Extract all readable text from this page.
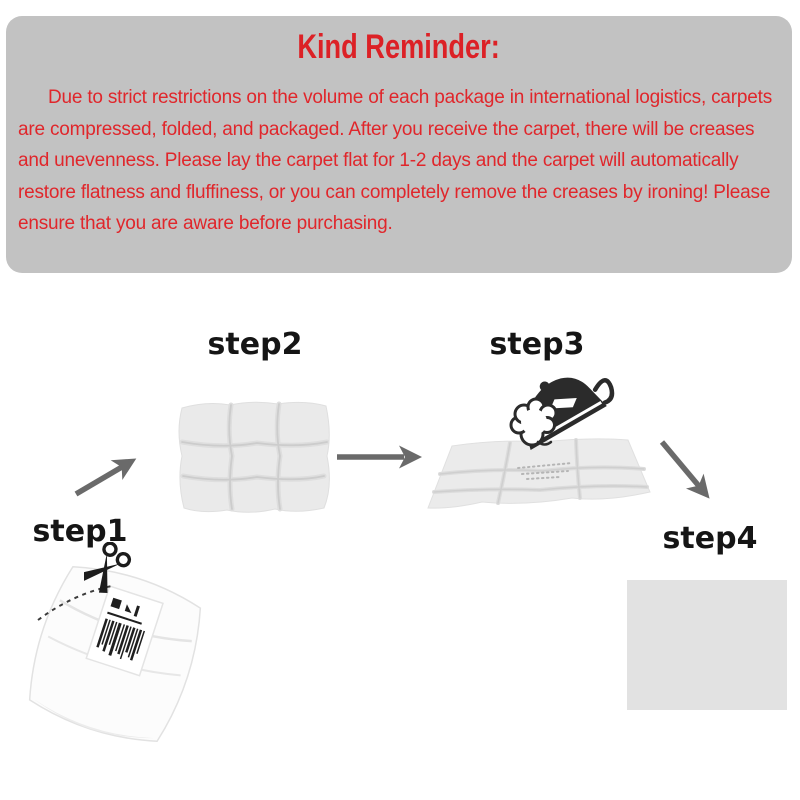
Kind Reminder:
Due to strict restrictions on the volume of each package in international logistics, carpets are compressed, folded, and packaged. After you receive the carpet, there will be creases and unevenness. Please lay the carpet flat for 1-2 days and the carpet will automatically restore flatness and fluffiness, or you can completely remove the creases by ironing! Please ensure that you are aware before purchasing.
step1
step2	step3
step4
